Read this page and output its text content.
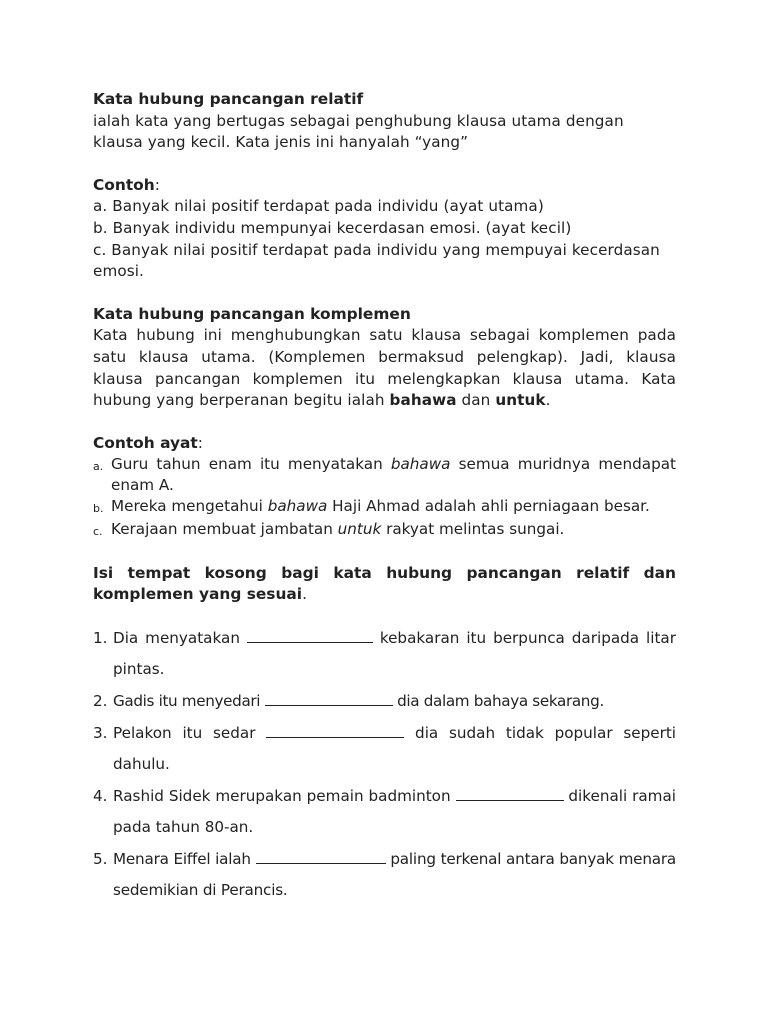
Kata hubung pancangan relatif

ialah kata yang bertugas sebagai penghubung klausa utama dengan klausa yang kecil. Kata jenis ini hanyalah “yang”

Contoh:

a. Banyak nilai positif terdapat pada individu (ayat utama)

b. Banyak individu mempunyai kecerdasan emosi. (ayat kecil)

c. Banyak nilai positif terdapat pada individu yang mempuyai kecerdasan emosi.

Kata hubung pancangan komplemen

Kata hubung ini menghubungkan satu klausa sebagai komplemen pada satu klausa utama. (Komplemen bermaksud pelengkap). Jadi, klausa klausa pancangan komplemen itu melengkapkan klausa utama. Kata hubung yang berperanan begitu ialah bahawa dan untuk.

Contoh ayat:

a. Guru tahun enam itu menyatakan bahawa semua muridnya mendapat enam A.
b. Mereka mengetahui bahawa Haji Ahmad adalah ahli perniagaan besar.
c. Kerajaan membuat jambatan untuk rakyat melintas sungai.

Isi tempat kosong bagi kata hubung pancangan relatif dan komplemen yang sesuai.

1. Dia menyatakan	kebakaran itu berpunca daripada litar pintas.
2. Gadis itu menyedari	dia dalam bahaya sekarang.
3. Pelakon itu sedar	dia sudah tidak popular seperti dahulu.
4. Rashid Sidek merupakan pemain badminton	dikenali ramai pada tahun 80-an.
5. Menara Eiffel ialah	paling terkenal antara banyak menara sedemikian di Perancis.
